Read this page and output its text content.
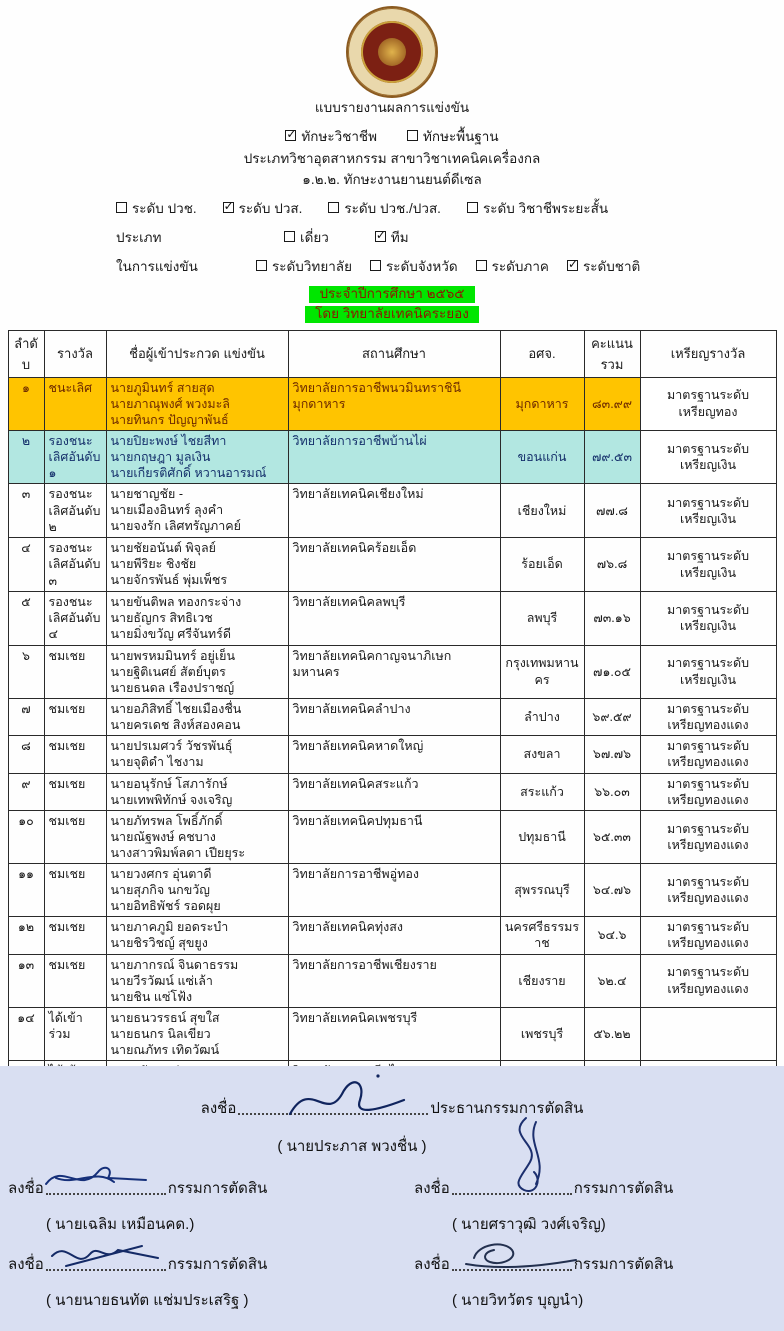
แบบรายงานผลการแข่งขัน
✓ ทักษะวิชาชีพ	ทักษะพื้นฐาน
ประเภทวิชาอุตสาหกรรม สาขาวิชาเทคนิคเครื่องกล
๑.๒.๒. ทักษะงานยานยนต์ดีเซล
ระดับ ปวช. ✓ ระดับ ปวส.	ระดับ ปวช./ปวส.	ระดับ วิชาชีพระยะสั้น
ประเภท	เดี่ยว	✓ ทีม
ในการแข่งขัน	ระดับวิทยาลัย	ระดับจังหวัด	ระดับภาค ✓ ระดับชาติ
ประจำปีการศึกษา ๒๕๖๕
โดย วิทยาลัยเทคนิคระยอง
ลำดับ	รางวัล	ชื่อผู้เข้าประกวด แข่งขัน	สถานศึกษา	อศจ.	คะแนนรวม	เหรียญรางวัล
๑	ชนะเลิศ	นายภูมินทร์ สายสุด
นายภาณุพงศ์ พวงมะลิ
นายทินกร ปัญญาพันธ์
	วิทยาลัยการอาชีพนวมินทราชินีมุกดาหาร	มุกดาหาร	๘๓.๙๙	
มาตรฐานระดับ
เหรียญทอง

๒	รองชนะเลิศอันดับ ๑	
นายปิยะพงษ์ ไชยสีทา
นายกฤษฎา มูลเงิน
นายเกียรติศักดิ์ หวานอารมณ์
	วิทยาลัยการอาชีพบ้านไผ่	ขอนแก่น	๗๙.๕๓	
มาตรฐานระดับ
เหรียญเงิน

๓	รองชนะเลิศอันดับ ๒	
นายชาญชัย -
นายเมืองอินทร์ ลุงคำ
นายจงรัก เลิศทรัญภาคย์
	วิทยาลัยเทคนิคเชียงใหม่	เชียงใหม่	๗๗.๘	
มาตรฐานระดับ
เหรียญเงิน

๔	รองชนะเลิศอันดับ ๓	
นายชัยอนันต์ พิจุลย์
นายพีริยะ ชิงชัย
นายจักรพันธ์ พุ่มเพ็ชร
	วิทยาลัยเทคนิคร้อยเอ็ด	ร้อยเอ็ด	๗๖.๘	
มาตรฐานระดับ
เหรียญเงิน

๕	รองชนะเลิศอันดับ ๔	
นายขันติพล ทองกระจ่าง
นายธัญกร สิทธิเวช
นายมิ่งขวัญ ศรีจันทร์ดี
	วิทยาลัยเทคนิคลพบุรี	ลพบุรี	๗๓.๑๖	
มาตรฐานระดับ
เหรียญเงิน

๖	ชมเชย	นายพรหมมินทร์ อยู่เย็น
นายฐิติเนศย์ สัตย์บุตร
นายธนดล เรืองปราชญ์
	วิทยาลัยเทคนิคกาญจนาภิเษก มหานคร	กรุงเทพมหานคร	๗๑.๐๕	
มาตรฐานระดับ
เหรียญเงิน

๗	ชมเชย	นายอภิสิทธิ์ ไชยเมืองชื่น
นายครเดช สิงห์สองคอน
	วิทยาลัยเทคนิคลำปาง	ลำปาง	๖๙.๕๙	
มาตรฐานระดับ
เหรียญทองแดง

๘	ชมเชย	นายปรเมศวร์ วัชรพันธุ์
นายจุติดำ ไชงาม
	วิทยาลัยเทคนิคหาดใหญ่	สงขลา	๖๗.๗๖	
มาตรฐานระดับ
เหรียญทองแดง

๙	ชมเชย	นายอนุรักษ์ โสภารักษ์
นายเทพพิทักษ์ จงเจริญ
	วิทยาลัยเทคนิคสระแก้ว	สระแก้ว	๖๖.๐๓	
มาตรฐานระดับ
เหรียญทองแดง

๑๐	ชมเชย	นายภัทรพล โพธิ์ภักดิ์
นายณัฐพงษ์ คชบาง
นางสาวพิมพ์ลดา เปียยุระ
	วิทยาลัยเทคนิคปทุมธานี	ปทุมธานี	๖๕.๓๓	
มาตรฐานระดับ
เหรียญทองแดง

๑๑	ชมเชย	นายวงศกร อุ่นตาดี
นายสุภกิจ นกขวัญ
นายอิทธิพัชร์ รอดผุย
	วิทยาลัยการอาชีพอู่ทอง	สุพรรณบุรี	๖๔.๗๖	
มาตรฐานระดับ
เหรียญทองแดง

๑๒	ชมเชย	นายภาคภูมิ ยอดระบำ
นายชิรวิชญ์ สุขยูง
	วิทยาลัยเทคนิคทุ่งสง	นครศรีธรรมราช	๖๔.๖	
มาตรฐานระดับ
เหรียญทองแดง

๑๓	ชมเชย	นายภากรณ์ จินดาธรรม
นายวีรวัฒน์ แซ่เล้า
นายชิน แซ่โฟ้ง
	วิทยาลัยการอาชีพเชียงราย	เชียงราย	๖๒.๔	
มาตรฐานระดับ
เหรียญทองแดง

๑๔	ได้เข้าร่วม	นายธนวรรธน์ สุขใส
นายธนกร นิลเขียว
นายณภัทร เทิดวัฒน์	วิทยาลัยเทคนิคเพชรบุรี	เพชรบุรี	๕๖.๒๒	

ลงชื่อ	ประธานกรรมการตัดสิน
( นายประภาส พวงชื่น )
ลงชื่อ	กรรมการตัดสิน
( นายเฉลิม เหมือนคด.)
ลงชื่อ	กรรมการตัดสิน
( นายศราวุฒิ วงศ์เจริญ)
ลงชื่อ	กรรมการตัดสิน
( นายนายธนทัต แช่มประเสริฐ )
ลงชื่อ	กรรมการตัดสิน
( นายวิทวัตร บุญนำ)
